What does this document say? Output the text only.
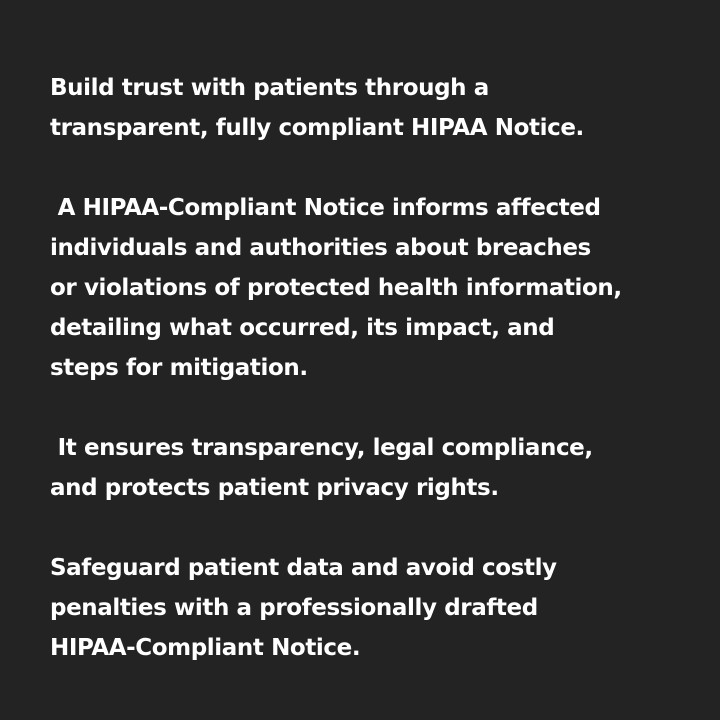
Build trust with patients through a
transparent, fully compliant HIPAA Notice.

A HIPAA-Compliant Notice informs affected
individuals and authorities about breaches
or violations of protected health information,
detailing what occurred, its impact, and
steps for mitigation.

It ensures transparency, legal compliance,
and protects patient privacy rights.

Safeguard patient data and avoid costly
penalties with a professionally drafted
HIPAA-Compliant Notice.
